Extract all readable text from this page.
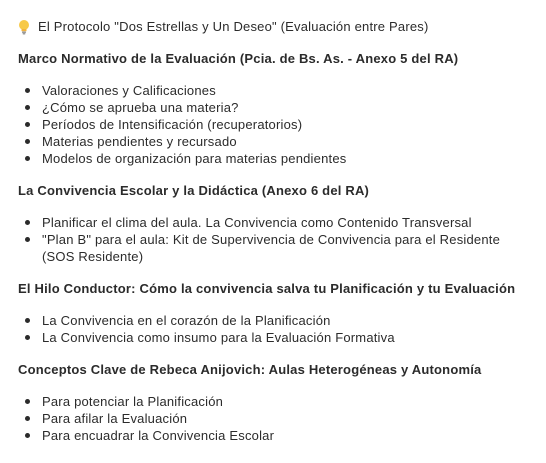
El Protocolo "Dos Estrellas y Un Deseo" (Evaluación entre Pares)
Marco Normativo de la Evaluación (Pcia. de Bs. As. - Anexo 5 del RA)
Valoraciones y Calificaciones
¿Cómo se aprueba una materia?
Períodos de Intensificación (recuperatorios)
Materias pendientes y recursado
Modelos de organización para materias pendientes
La Convivencia Escolar y la Didáctica (Anexo 6 del RA)
Planificar el clima del aula. La Convivencia como Contenido Transversal
"Plan B" para el aula: Kit de Supervivencia de Convivencia para el Residente (SOS Residente)
El Hilo Conductor: Cómo la convivencia salva tu Planificación y tu Evaluación
La Convivencia en el corazón de la Planificación
La Convivencia como insumo para la Evaluación Formativa
Conceptos Clave de Rebeca Anijovich: Aulas Heterogéneas y Autonomía
Para potenciar la Planificación
Para afilar la Evaluación
Para encuadrar la Convivencia Escolar
